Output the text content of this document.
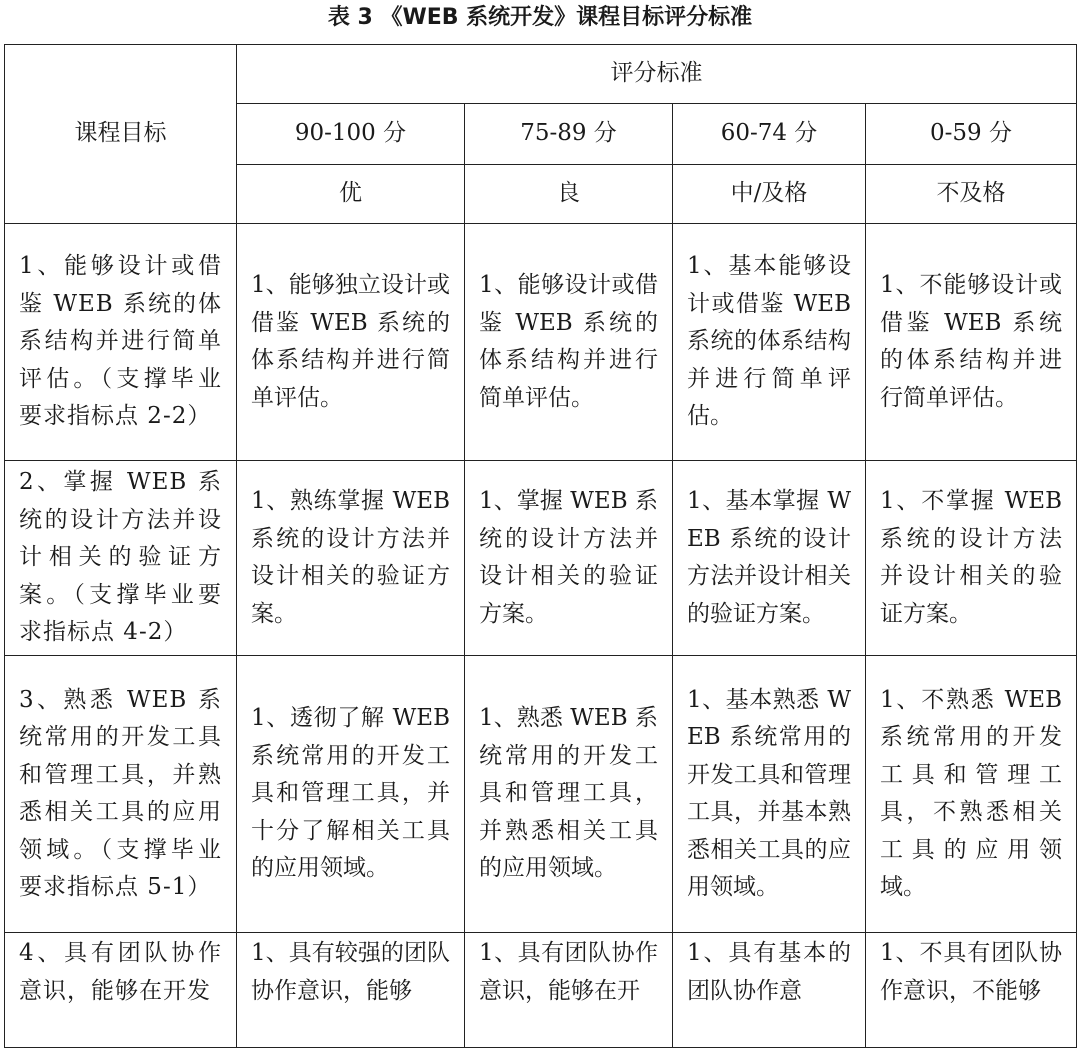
表 3 《WEB 系统开发》课程目标评分标准
课程目标	评分标准			
	90-100 分	75-89 分	60-74 分	0-59 分
	优	良	中/及格	不及格
1、能够设计或借鉴 WEB 系统的体系结构并进行简单评估。（支撑毕业要求指标点 2-2）	1、能够独立设计或借鉴 WEB 系统的体系结构并进行简单评估。	1、能够设计或借鉴 WEB 系统的体系结构并进行简单评估。	1、基本能够设计或借鉴 WEB 系统的体系结构并进行简单评估。	1、不能够设计或借鉴 WEB 系统的体系结构并进行简单评估。
2、掌握 WEB 系统的设计方法并设计相关的验证方案。（支撑毕业要求指标点 4-2）	1、熟练掌握 WEB 系统的设计方法并设计相关的验证方案。	1、掌握 WEB 系统的设计方法并设计相关的验证方案。	1、基本掌握 WEB 系统的设计方法并设计相关的验证方案。	1、不掌握 WEB 系统的设计方法并设计相关的验证方案。
3、熟悉 WEB 系统常用的开发工具和管理工具，并熟悉相关工具的应用领域。（支撑毕业要求指标点 5-1）	1、透彻了解 WEB 系统常用的开发工具和管理工具，并十分了解相关工具的应用领域。	1、熟悉 WEB 系统常用的开发工具和管理工具，并熟悉相关工具的应用领域。	1、基本熟悉 WEB 系统常用的开发工具和管理工具，并基本熟悉相关工具的应用领域。	1、不熟悉 WEB 系统常用的开发工具和管理工具，不熟悉相关工具的应用领域。
4、具有团队协作意识，能够在开发	1、具有较强的团队协作意识，能够	1、具有团队协作意识，能够在开	1、具有基本的团队协作意	1、不具有团队协作意识，不能够
